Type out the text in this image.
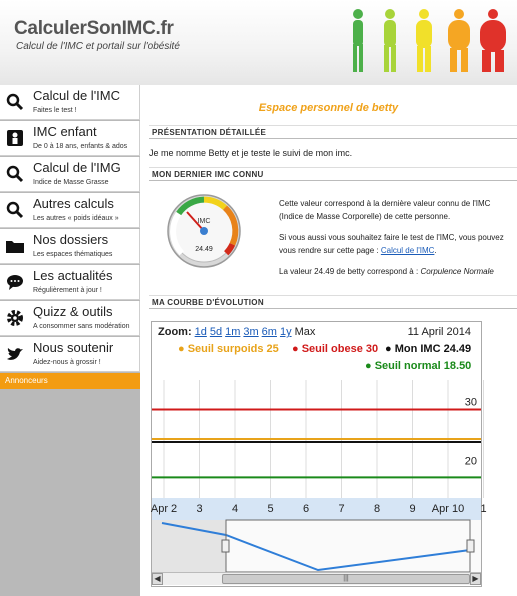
CalculerSonIMC.fr
Calcul de l'IMC et portail sur l'obésité
Calcul de l'IMC
Faites le test !
IMC enfant
De 0 à 18 ans, enfants & ados
Calcul de l'IMG
Indice de Masse Grasse
Autres calculs
Les autres « poids idéaux »
Nos dossiers
Les espaces thématiques
Les actualités
Régulièrement à jour !
Quizz & outils
A consommer sans modération
Nous soutenir
Aidez-nous à grossir !
Annonceurs
Espace personnel de betty
PRÉSENTATION DÉTAILLÉE
Je me nomme Betty et je teste le suivi de mon imc.
MON DERNIER IMC CONNU
IMC
24.49

Cette valeur correspond à la dernière valeur connu de l'IMC (Indice de Masse Corporelle) de cette personne.

Si vous aussi vous souhaitez faire le test de l'IMC, vous pouvez vous rendre sur cette page : Calcul de l'IMC.

La valeur 24.49 de betty correspond à : Corpulence Normale

MA COURBE D'ÉVOLUTION
Zoom: 1d 5d 1m 3m 6m 1y Max	11 April 2014
● Seuil surpoids 25 ● Seuil obese 30 ● Mon IMC 24.49
● Seuil normal 18.50
30
20
Apr 2 3	4	5	6	7	8	9 Apr 10 1
◀	|||	▶
